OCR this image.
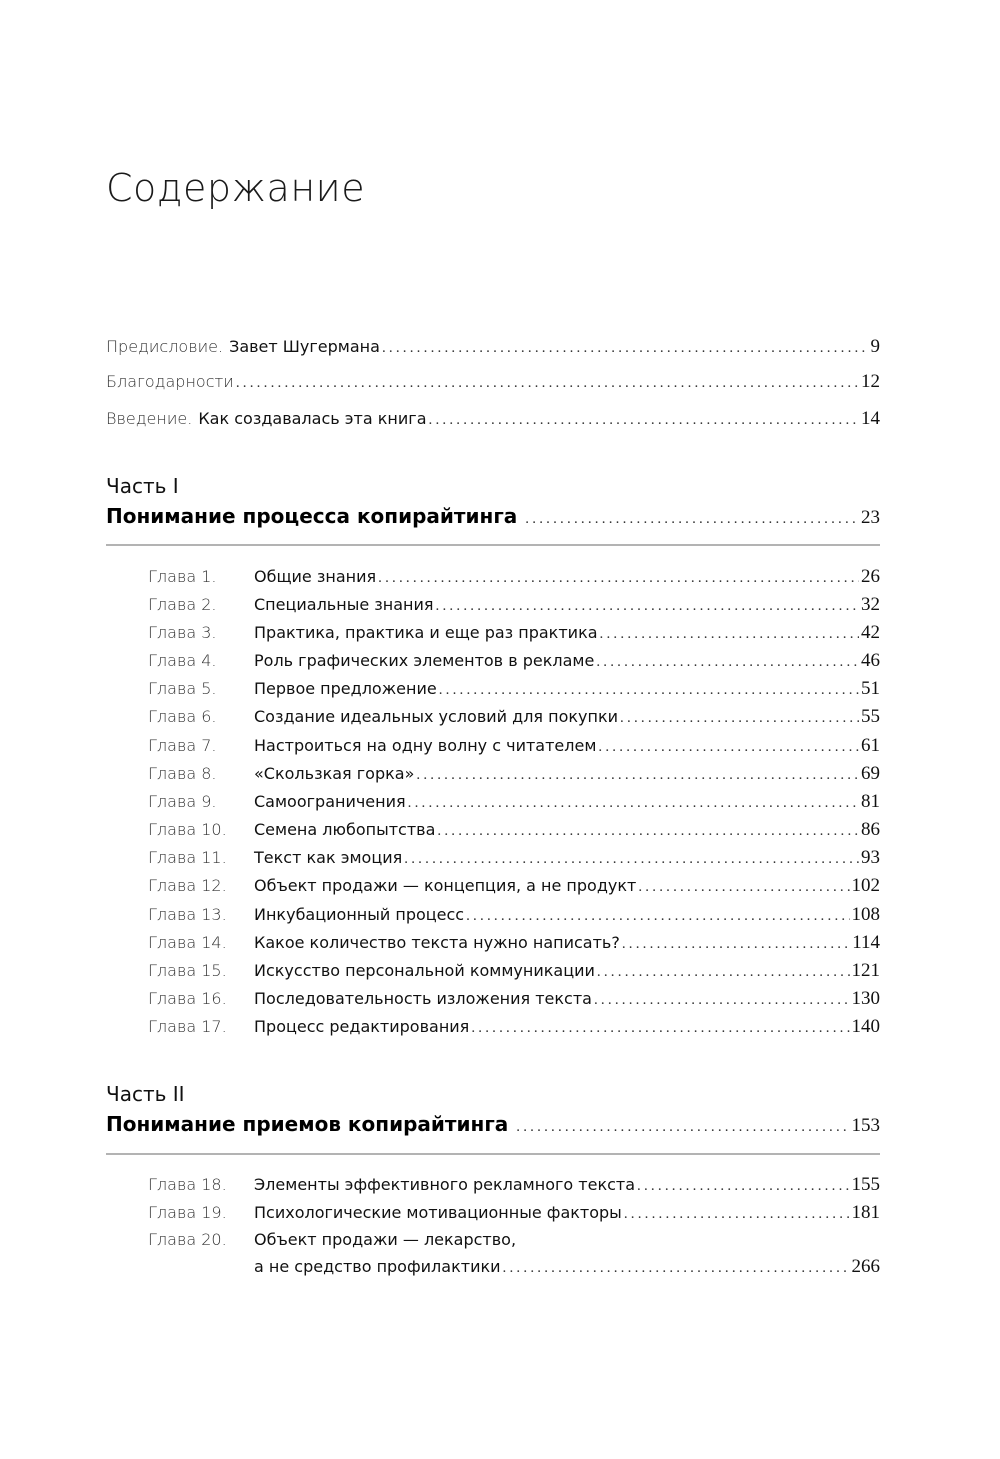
Содержание
Предисловие. Завет Шугермана .....	9
Благодарности .....	12
Введение. Как создавалась эта книга .....	14
Часть I
Понимание процесса копирайтинга .....	23
Глава 1.	Общие знания .....	26
Глава 2.	Специальные знания .....	32
Глава 3.	Практика, практика и еще раз практика .....	42
Глава 4.	Роль графических элементов в рекламе .....	46
Глава 5.	Первое предложение .....	51
Глава 6.	Создание идеальных условий для покупки .....	55
Глава 7.	Настроиться на одну волну с читателем .....	61
Глава 8.	«Скользкая горка» .....	69
Глава 9.	Самоограничения .....	81
Глава 10.	Семена любопытства .....	86
Глава 11.	Текст как эмоция .....	93
Глава 12.	Объект продажи — концепция, а не продукт .....	102
Глава 13.	Инкубационный процесс .....	108
Глава 14.	Какое количество текста нужно написать? .....	114
Глава 15.	Искусство персональной коммуникации .....	121
Глава 16.	Последовательность изложения текста .....	130
Глава 17.	Процесс редактирования .....	140
Часть II
Понимание приемов копирайтинга .....	153
Глава 18.	Элементы эффективного рекламного текста .....	155
Глава 19.	Психологические мотивационные факторы .....	181
Глава 20.	Объект продажи — лекарство,
а не средство профилактики .....	266
